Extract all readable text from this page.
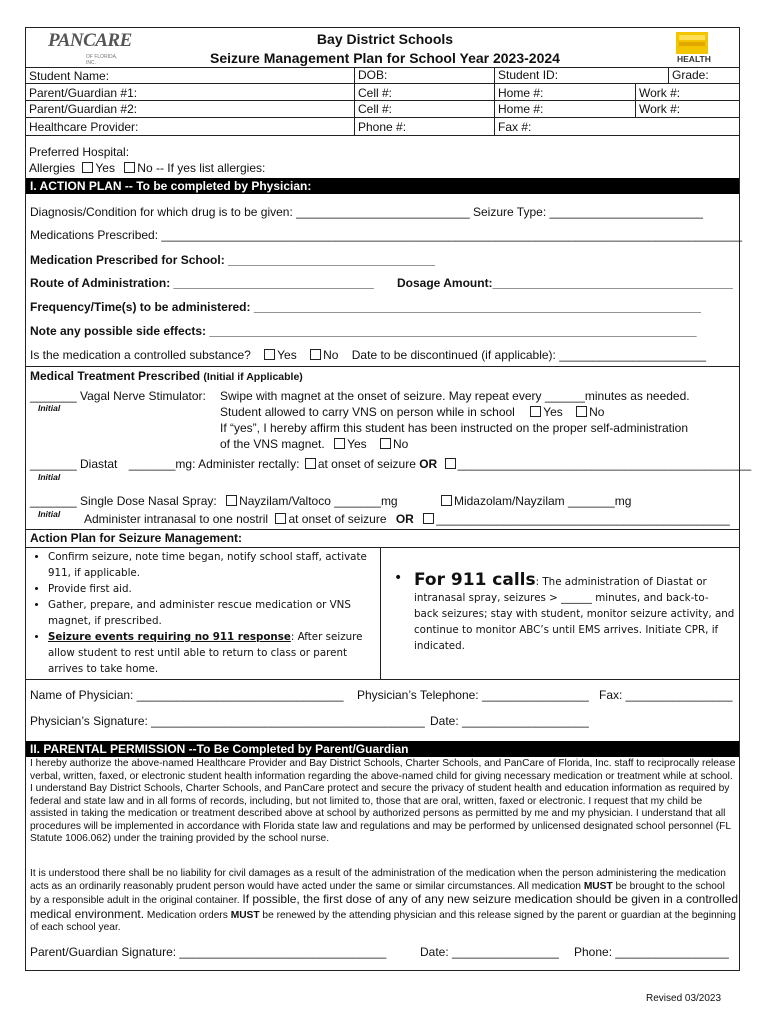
PANCARE
OF FLORIDA, INC.	HEALTH
Bay District Schools
Seizure Management Plan for School Year 2023-2024
Student Name:	DOB:	Student ID:	Grade:
Parent/Guardian #1:	Cell #:	Home #:	Work #:
Parent/Guardian #2:	Cell #:	Home #:	Work #:
Healthcare Provider:	Phone #:	Fax #:
Preferred Hospital:
Allergies Yes No -- If yes list allergies:
I. ACTION PLAN -- To be completed by Physician:
Diagnosis/Condition for which drug is to be given: __________________________ Seizure Type: _______________________
Medications Prescribed: _______________________________________________________________________________________
Medication Prescribed for School: _______________________________
Route of Administration: ______________________________ Dosage Amount:____________________________________
Frequency/Time(s) to be administered: ___________________________________________________________________
Note any possible side effects: _________________________________________________________________________
Is the medication a controlled substance? Yes No Date to be discontinued (if applicable): ______________________
Medical Treatment Prescribed (Initial if Applicable)
_______
Initial
Vagal Nerve Stimulator: Swipe with magnet at the onset of seizure. May repeat every ______minutes as needed.
Student allowed to carry VNS on person while in school Yes No
If “yes”, I hereby affirm this student has been instructed on the proper self-administration
of the VNS magnet. Yes No
_______
Initial
Diastat _______mg: Administer rectally: at onset of seizure OR ____________________________________________
_______
Initial
Single Dose Nasal Spray: Nayzilam/Valtoco _______mg	Midazolam/Nayzilam _______mg
Administer intranasal to one nostril at onset of seizure OR ____________________________________________
Action Plan for Seizure Management:
• Confirm seizure, note time began, notify school staff, activate 911, if applicable.
• Provide first aid.
• Gather, prepare, and administer rescue medication or VNS magnet, if prescribed.
• Seizure events requiring no 911 response: After seizure allow student to rest until able to return to class or parent arrives to take home.
• For 911 calls: The administration of Diastat or intranasal spray, seizures > ______ minutes, and back-to- back seizures; stay with student, monitor seizure activity, and continue to monitor ABC’s until EMS arrives. Initiate CPR, if indicated.
Name of Physician: _______________________________ Physician’s Telephone: ________________ Fax: ________________
Physician’s Signature: _________________________________________ Date: ___________________
II. PARENTAL PERMISSION --To Be Completed by Parent/Guardian
I hereby authorize the above-named Healthcare Provider and Bay District Schools, Charter Schools, and PanCare of Florida, Inc. staff to reciprocally release verbal, written, faxed, or electronic student health information regarding the above-named child for giving necessary medication or treatment while at school. I understand Bay District Schools, Charter Schools, and PanCare protect and secure the privacy of student health and education information as required by federal and state law and in all forms of records, including, but not limited to, those that are oral, written, faxed or electronic. I request that my child be assisted in taking the medication or treatment described above at school by authorized persons as permitted by me and my physician. I understand that all procedures will be implemented in accordance with Florida state law and regulations and may be performed by unlicensed designated school personnel (FL Statute 1006.062) under the training provided by the school nurse.
It is understood there shall be no liability for civil damages as a result of the administration of the medication when the person administering the medication acts as an ordinarily reasonably prudent person would have acted under the same or similar circumstances. All medication MUST be brought to the school by a responsible adult in the original container. If possible, the first dose of any of any new seizure medication should be given in a controlled medical environment. Medication orders MUST be renewed by the attending physician and this release signed by the parent or guardian at the beginning of each school year.
Parent/Guardian Signature: _______________________________	Date: ________________ Phone: _________________
Revised 03/2023
